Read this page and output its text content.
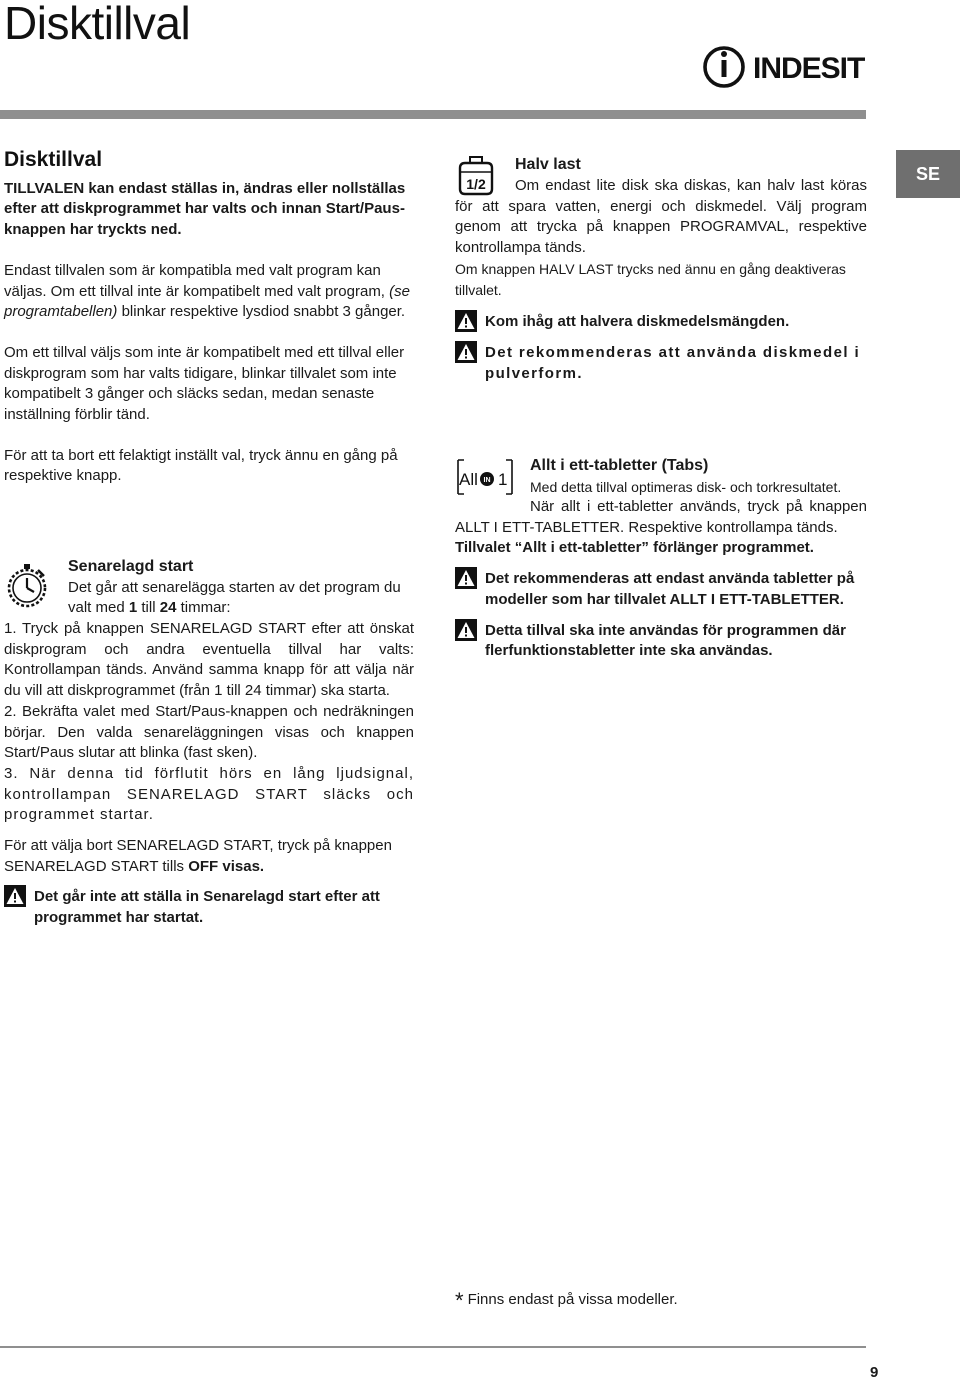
Disktillval
INDESIT
SE

Disktillval

TILLVALEN kan endast ställas in, ändras eller nollställas efter att diskprogrammet har valts och innan Start/Paus-knappen har tryckts ned.

Endast tillvalen som är kompatibla med valt program kan väljas. Om ett tillval inte är kompatibelt med valt program, (se programtabellen) blinkar respektive lysdiod snabbt 3 gånger.

Om ett tillval väljs som inte är kompatibelt med ett tillval eller diskprogram som har valts tidigare, blinkar tillvalet som inte kompatibelt 3 gånger och släcks sedan, medan senaste inställning förblir tänd.

För att ta bort ett felaktigt inställt val, tryck ännu en gång på respektive knapp.

Senarelagd start

Det går att senarelägga starten av det program du

valt med 1 till 24 timmar:

1. Tryck på knappen SENARELAGD START efter att önskat diskprogram och andra eventuella tillval har valts: Kontrollampan tänds. Använd samma knapp för att välja när du vill att diskprogrammet (från 1 till 24 timmar) ska starta.

2. Bekräfta valet med Start/Paus-knappen och nedräkningen börjar. Den valda senareläggningen visas och knappen Start/Paus slutar att blinka (fast sken).

3. När denna tid förflutit hörs en lång ljudsignal, kontrollampan SENARELAGD START släcks och programmet startar.

För att välja bort SENARELAGD START, tryck på knappen SENARELAGD START tills OFF visas.

Det går inte att ställa in Senarelagd start efter att programmet har startat.
1/2

Halv last

Om endast lite disk ska diskas, kan halv last köras för att spara vatten, energi och diskmedel. Välj program genom att trycka på knappen PROGRAMVAL, respektive kontrollampa tänds.

Om knappen HALV LAST trycks ned ännu en gång deaktiveras tillvalet.

Kom ihåg att halvera diskmedelsmängden.
Det rekommenderas att använda diskmedel i pulverform.
All IN 1

Allt i ett-tabletter (Tabs)

Med detta tillval optimeras disk- och torkresultatet.

När allt i ett-tabletter används, tryck på knappen ALLT I ETT-TABLETTER. Respektive kontrollampa tänds.

Tillvalet “Allt i ett-tabletter” förlänger programmet.

Det rekommenderas att endast använda tabletter på modeller som har tillvalet ALLT I ETT-TABLETTER.
Detta tillval ska inte användas för programmen där flerfunktionstabletter inte ska användas.
* Finns endast på vissa modeller.
9
